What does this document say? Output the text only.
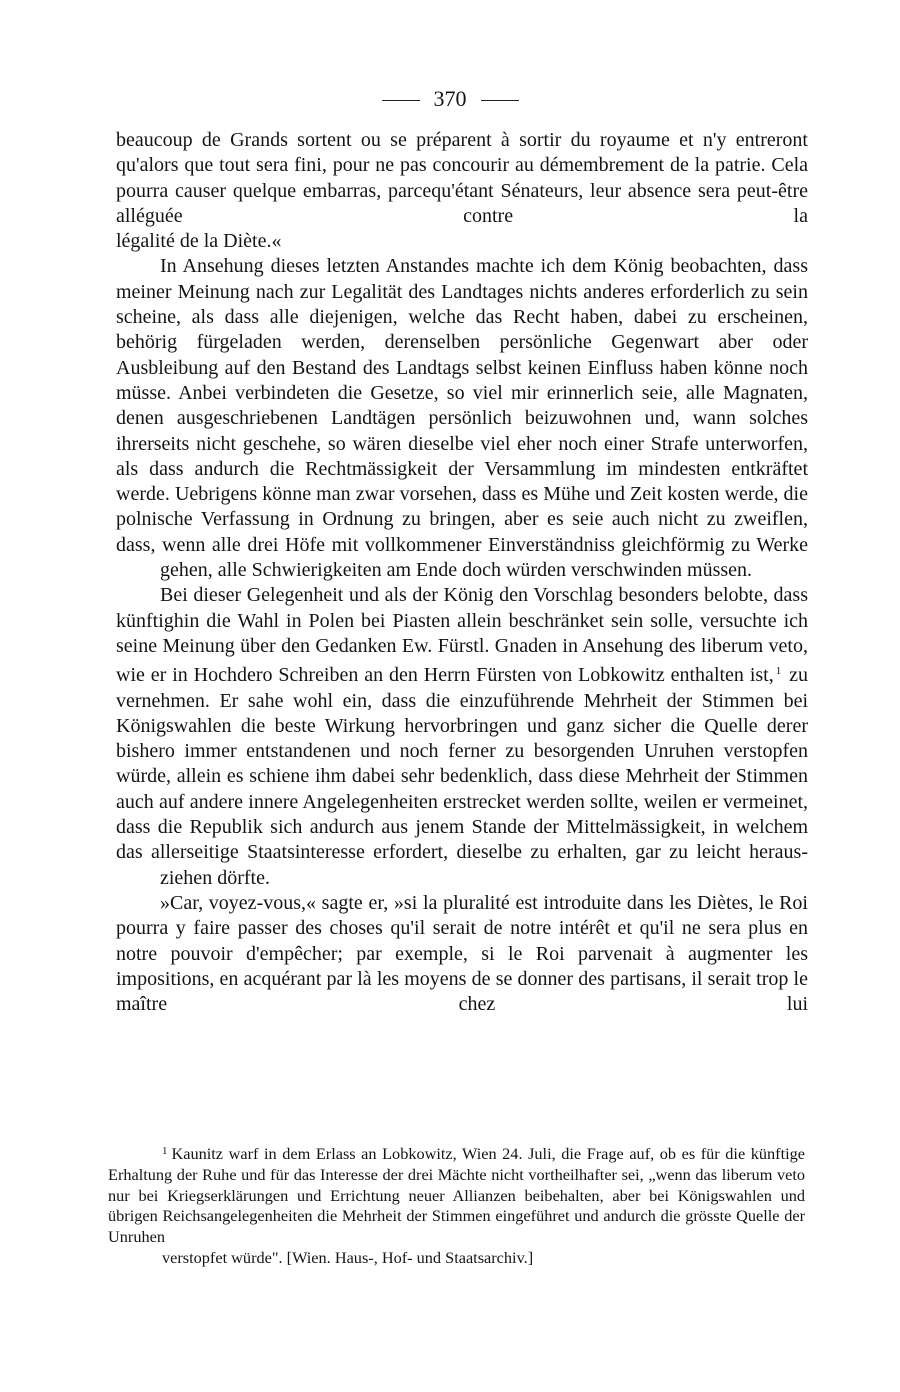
370

beaucoup de Grands sortent ou se préparent à sortir du royaume et n'y entreront qu'alors que tout sera fini, pour ne pas concourir au démembrement de la patrie. Cela pourra causer quelque embarras, parcequ'étant Sénateurs, leur absence sera peut-être alléguée contre la
légalité de la Diète.«

In Ansehung dieses letzten Anstandes machte ich dem König beobachten, dass meiner Meinung nach zur Legalität des Landtages nichts anderes erforderlich zu sein scheine, als dass alle diejenigen, welche das Recht haben, dabei zu erscheinen, behörig fürgeladen werden, derenselben persönliche Gegenwart aber oder Ausbleibung auf den Bestand des Landtags selbst keinen Einfluss haben könne noch müsse. Anbei verbindeten die Gesetze, so viel mir erinnerlich seie, alle Magnaten, denen ausgeschriebenen Landtägen persönlich beizuwohnen und, wann solches ihrerseits nicht geschehe, so wären dieselbe viel eher noch einer Strafe unterworfen, als dass andurch die Rechtmässigkeit der Versammlung im mindesten entkräftet werde. Uebrigens könne man zwar vorsehen, dass es Mühe und Zeit kosten werde, die polnische Verfassung in Ordnung zu bringen, aber es seie auch nicht zu zweiflen, dass, wenn alle drei Höfe mit vollkommener Einverständniss gleichförmig zu Werke
gehen, alle Schwierigkeiten am Ende doch würden verschwinden müssen.

Bei dieser Gelegenheit und als der König den Vorschlag besonders belobte, dass künftighin die Wahl in Polen bei Piasten allein beschränket sein solle, versuchte ich seine Meinung über den Gedanken Ew. Fürstl. Gnaden in Ansehung des liberum veto, wie er in Hochdero Schreiben an den Herrn Fürsten von Lobkowitz enthalten ist, $^1$ zu vernehmen. Er sahe wohl ein, dass die einzuführende Mehrheit der Stimmen bei Königswahlen die beste Wirkung hervorbringen und ganz sicher die Quelle derer bishero immer entstandenen und noch ferner zu besorgenden Unruhen verstopfen würde, allein es schiene ihm dabei sehr bedenklich, dass diese Mehrheit der Stimmen auch auf andere innere Angelegenheiten erstrecket werden sollte, weilen er vermeinet, dass die Republik sich andurch aus jenem Stande der Mittelmässigkeit, in welchem das allerseitige Staatsinteresse erfordert, dieselbe zu erhalten, gar zu leicht heraus-
ziehen dörfte.

»Car, voyez-vous,« sagte er, »si la pluralité est introduite dans les Diètes, le Roi pourra y faire passer des choses qu'il serait de notre intérêt et qu'il ne sera plus en notre pouvoir d'empêcher; par exemple, si le Roi parvenait à augmenter les impositions, en acquérant par là les moyens de se donner des partisans, il serait trop le maître chez lui

$^1$ Kaunitz warf in dem Erlass an Lobkowitz, Wien 24. Juli, die Frage auf, ob es für die künftige Erhaltung der Ruhe und für das Interesse der drei Mächte nicht vortheilhafter sei, „wenn das liberum veto nur bei Kriegserklärungen und Errichtung neuer Allianzen beibehalten, aber bei Königswahlen und übrigen Reichsangelegenheiten die Mehrheit der Stimmen eingeführet und andurch die grösste Quelle der Unruhen
verstopfet würde". [Wien. Haus-, Hof- und Staatsarchiv.]
